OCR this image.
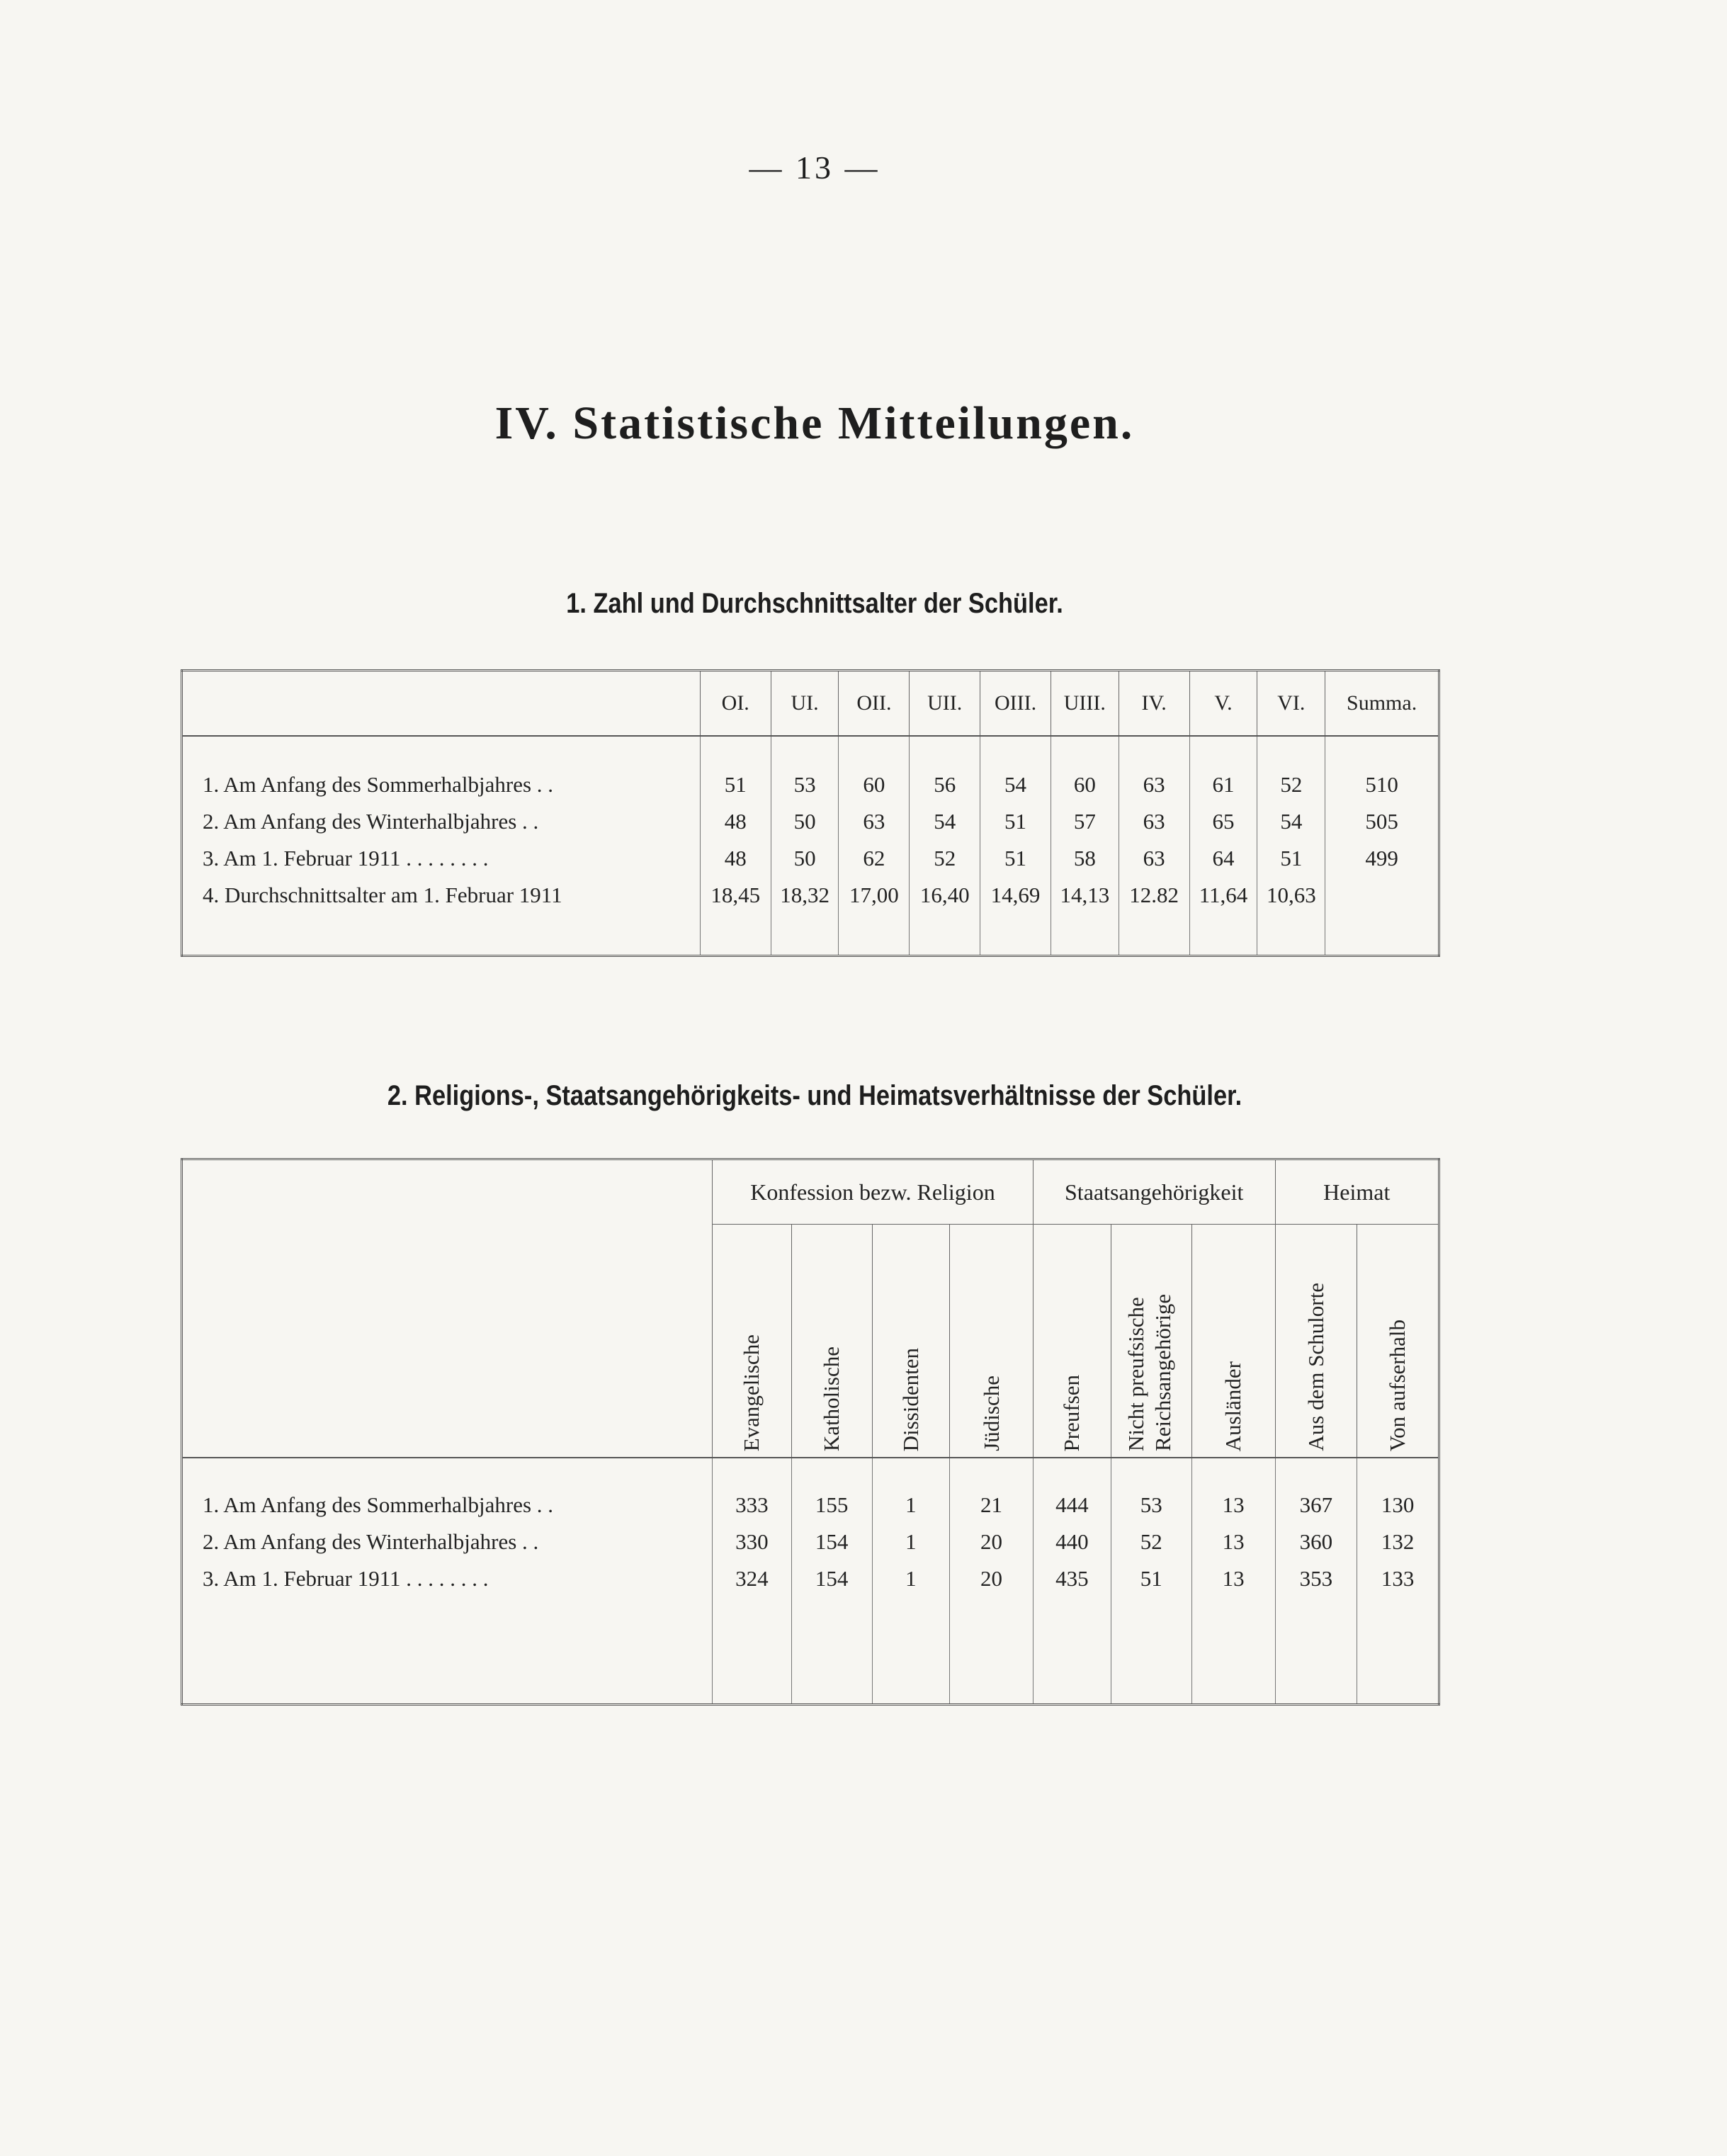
— 13 —
IV. Statistische Mitteilungen.
1. Zahl und Durchschnittsalter der Schüler.
	OI.	UI.	OII.	UII.	OIII.	UIII.	IV.	V.	VI.	Summa.

1. Am Anfang des Sommerhalbjahres . .	51	53	60	56	54	60	63	61	52	510
2. Am Anfang des Winterhalbjahres . .	48	50	63	54	51	57	63	65	54	505
3. Am 1. Februar 1911 . . . . . . . .	48	50	62	52	51	58	63	64	51	499
4. Durchschnittsalter am 1. Februar 1911	18,45	18,32	17,00	16,40	14,69	14,13	12.82	11,64	10,63	

2. Religions-, Staatsangehörigkeits- und Heimatsverhältnisse der Schüler.
	Konfession bezw. Religion				Staatsangehörigkeit			Heimat	
	Evangelische	Katholische	Dissidenten	Jüdische	Preufsen	Nicht preufsische Reichsangehörige	Ausländer	Aus dem Schulorte	Von aufserhalb

1. Am Anfang des Sommerhalbjahres . .	333	155	1	21	444	53	13	367	130
2. Am Anfang des Winterhalbjahres . .	330	154	1	20	440	52	13	360	132
3. Am 1. Februar 1911 . . . . . . . .	324	154	1	20	435	51	13	353	133
